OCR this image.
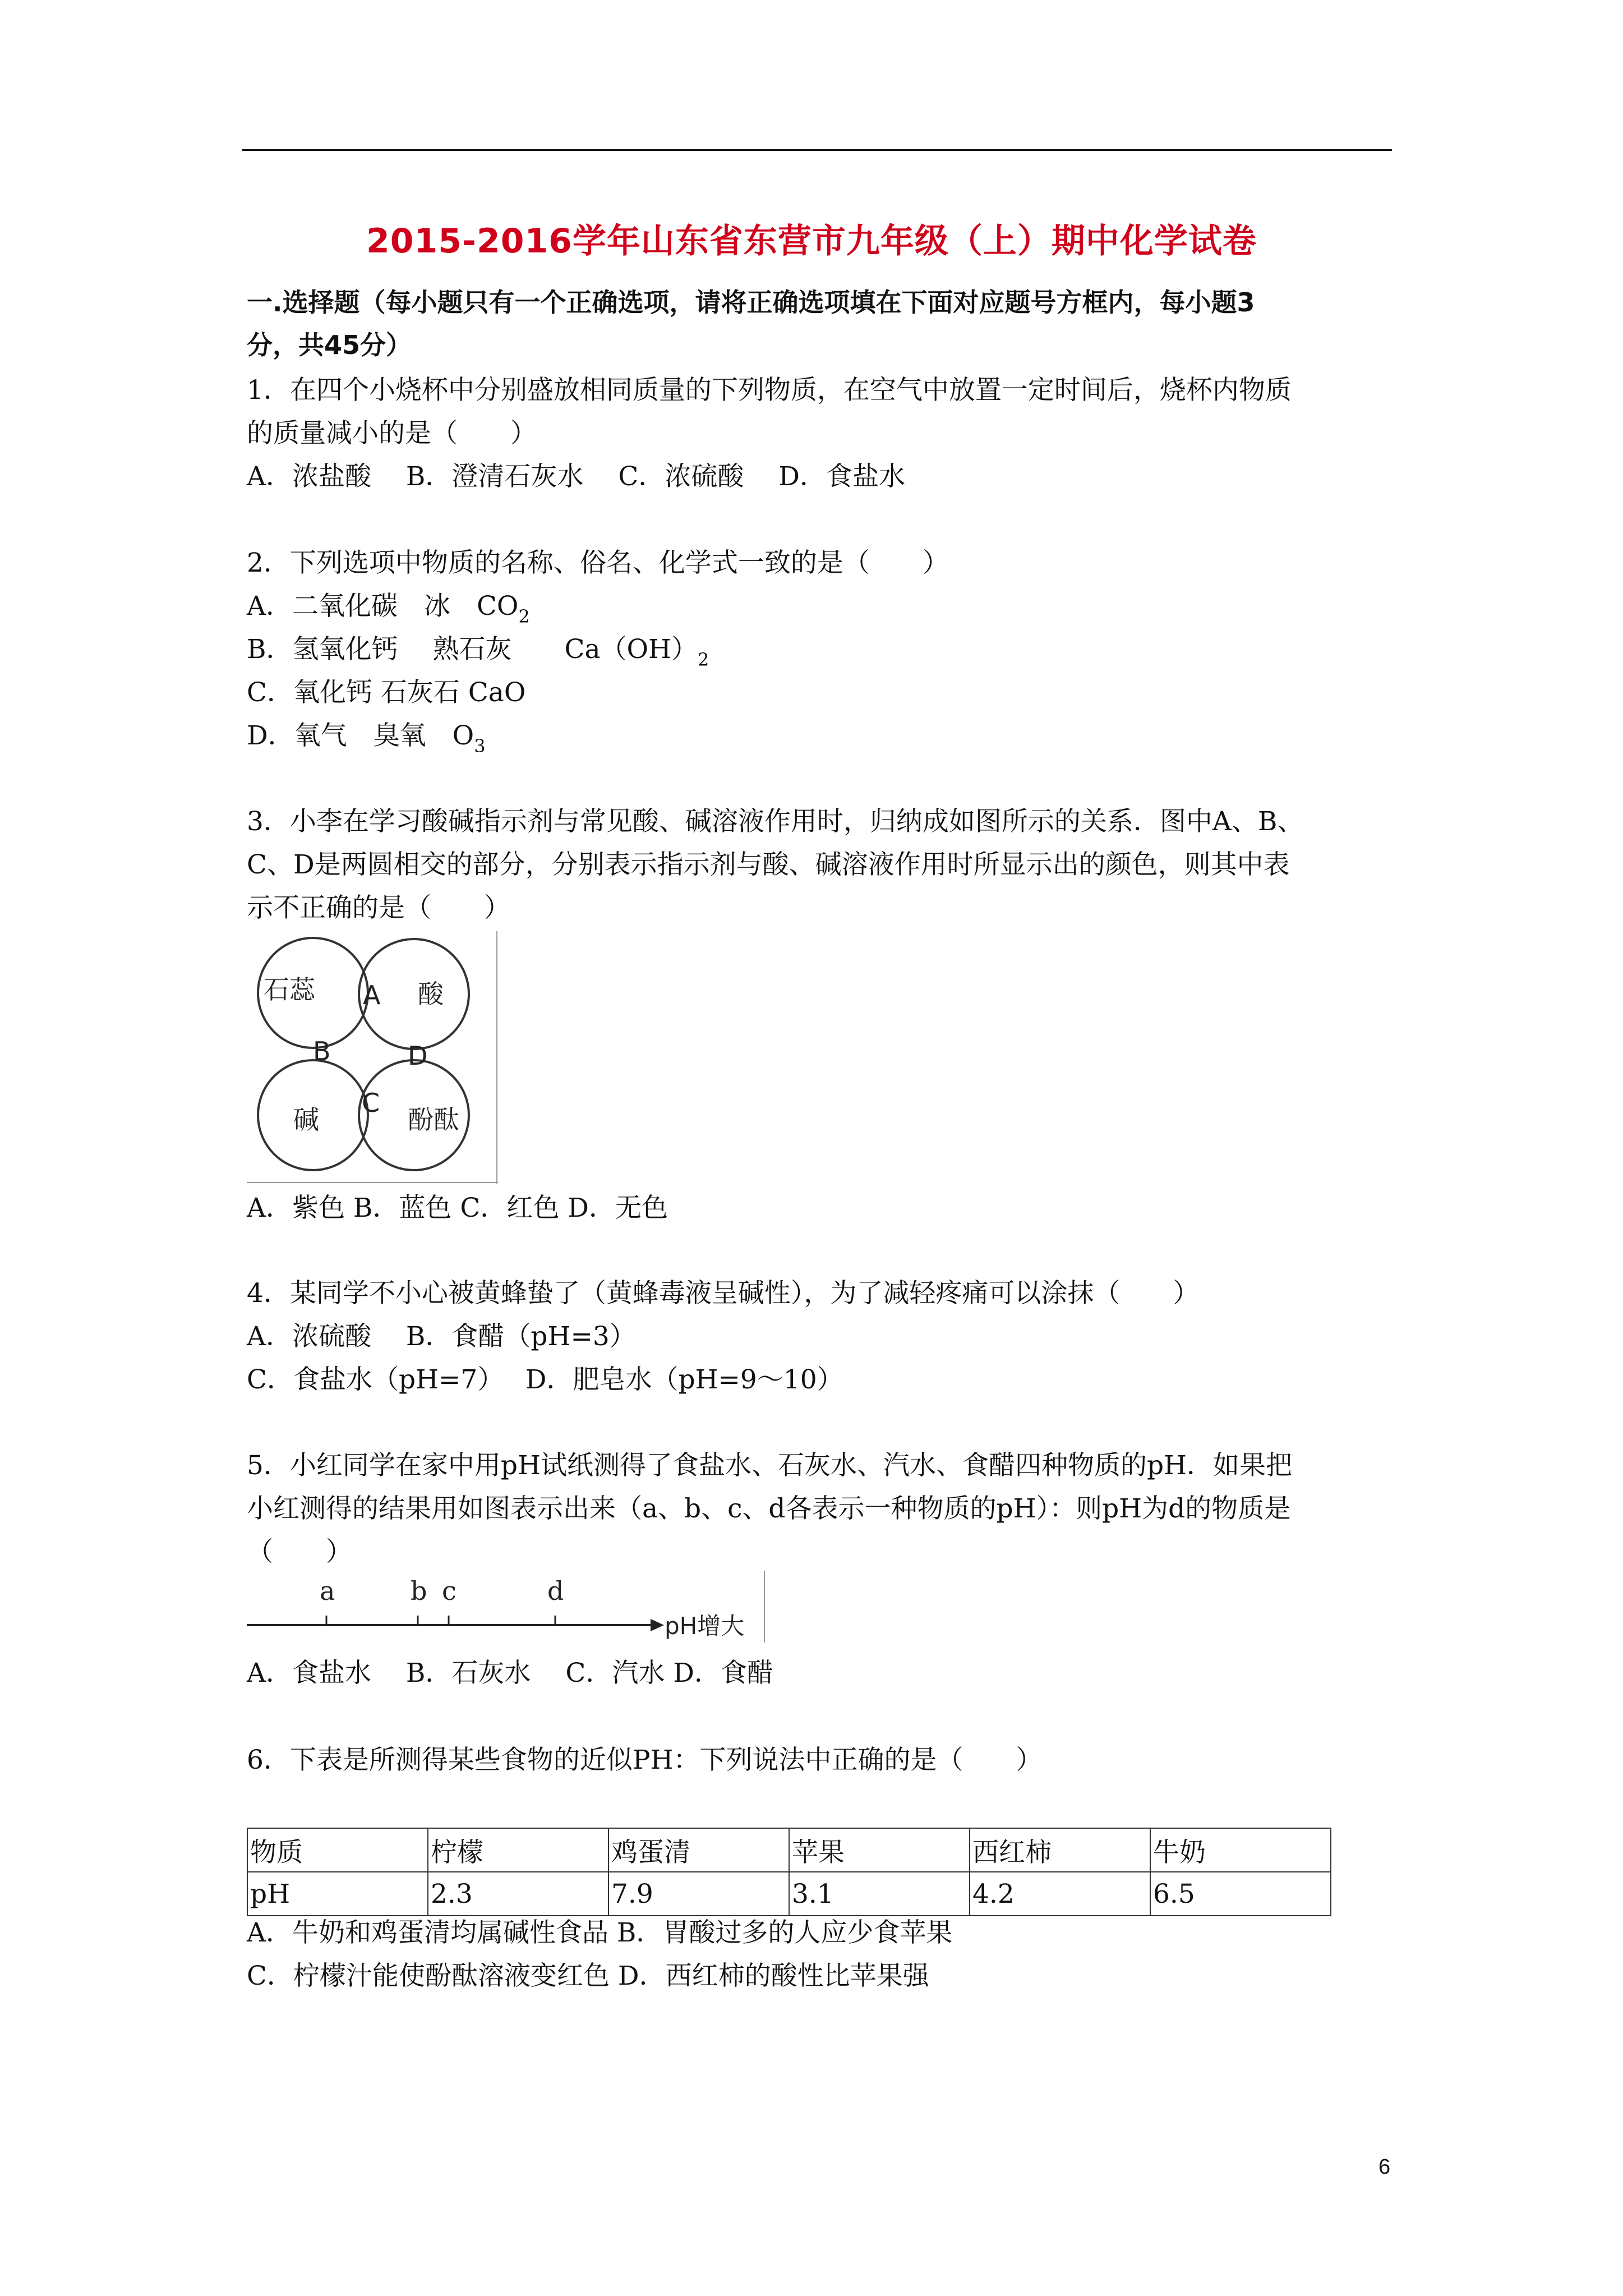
2015-2016学年山东省东营市九年级（上）期中化学试卷
一.选择题（每小题只有一个正确选项，请将正确选项填在下面对应题号方框内，每小题3
分，共45分）
1．在四个小烧杯中分别盛放相同质量的下列物质，在空气中放置一定时间后，烧杯内物质
的质量减小的是（　　）
A．浓盐酸　 B．澄清石灰水　 C．浓硫酸　 D．食盐水
2．下列选项中物质的名称、俗名、化学式一致的是（　　）
A．二氧化碳　冰　$CO_2$
B．氢氧化钙　 熟石灰　　$Ca(OH)_2$
C．氧化钙 石灰石 CaO
D．氧气　臭氧　$O_3$
3．小李在学习酸碱指示剂与常见酸、碱溶液作用时，归纳成如图所示的关系．图中A、B、
C、D是两圆相交的部分，分别表示指示剂与酸、碱溶液作用时所显示出的颜色，则其中表
示不正确的是（　　）
石蕊	酸
碱	酚酞
A
B
C
D
A．紫色 B．蓝色 C．红色 D．无色
4．某同学不小心被黄蜂蛰了（黄蜂毒液呈碱性），为了减轻疼痛可以涂抹（　　）
A．浓硫酸　 B．食醋（pH=3）
C．食盐水（pH=7）　 D．肥皂水（pH=9～10）
5．小红同学在家中用pH试纸测得了食盐水、石灰水、汽水、食醋四种物质的pH．如果把
小红测得的结果用如图表示出来（a、b、c、d各表示一种物质的pH）：则pH为d的物质是
（　　）
a	b c	d
pH增大
A．食盐水　 B．石灰水　 C．汽水 D．食醋
6．下表是所测得某些食物的近似PH：下列说法中正确的是（　　）
物质	柠檬	鸡蛋清	苹果	西红柿	牛奶
pH	2.3	7.9	3.1	4.2	6.5
A．牛奶和鸡蛋清均属碱性食品 B．胃酸过多的人应少食苹果
C．柠檬汁能使酚酞溶液变红色 D．西红柿的酸性比苹果强
6
